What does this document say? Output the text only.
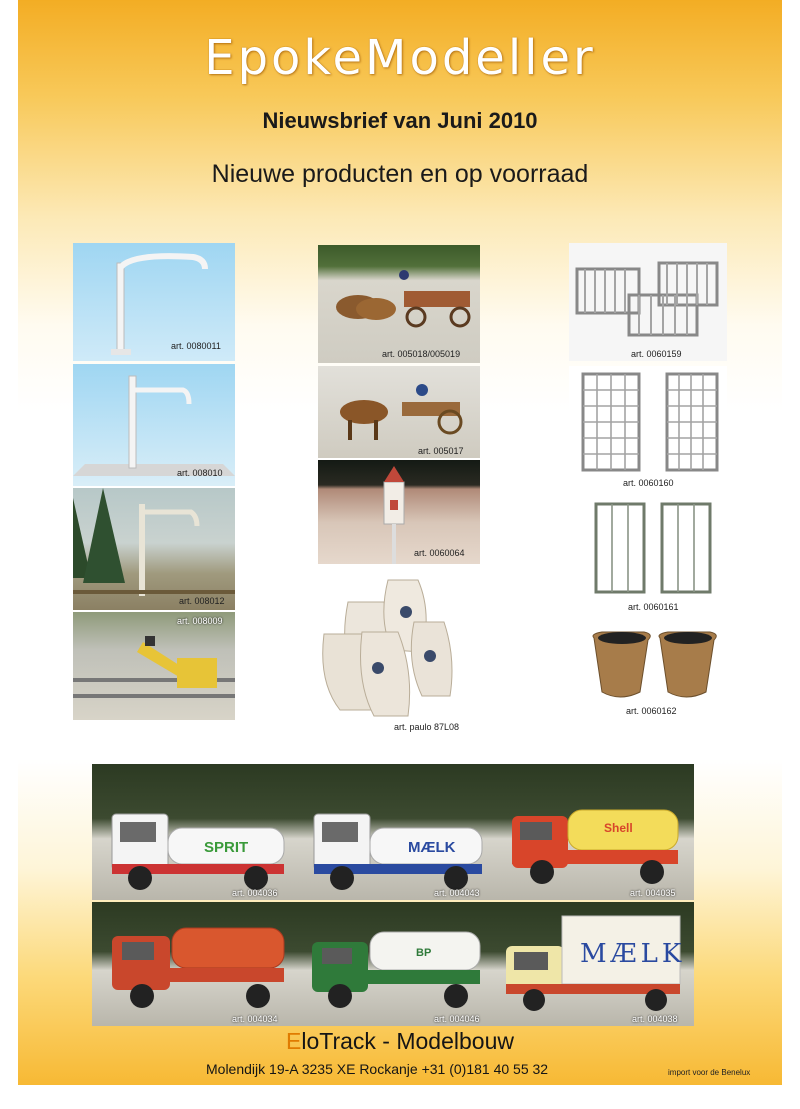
EpokeModeller
Nieuwsbrief van Juni 2010
Nieuwe producten en op voorraad
art. 0080011
art. 008010
art. 008012
art. 008009
art. 005018/005019
art. 005017
art. 0060064
art. paulo 87L08
art. 0060159
art. 0060160
art. 0060161
art. 0060162
SPRIT
art. 004036
MÆLK
art. 004043
Shell
art. 004035
art. 004034
BP
art. 004046
MÆLK
art. 004038
EloTrack - Modelbouw
Molendijk 19-A 3235 XE Rockanje +31 (0)181 40 55 32	import voor de Benelux
